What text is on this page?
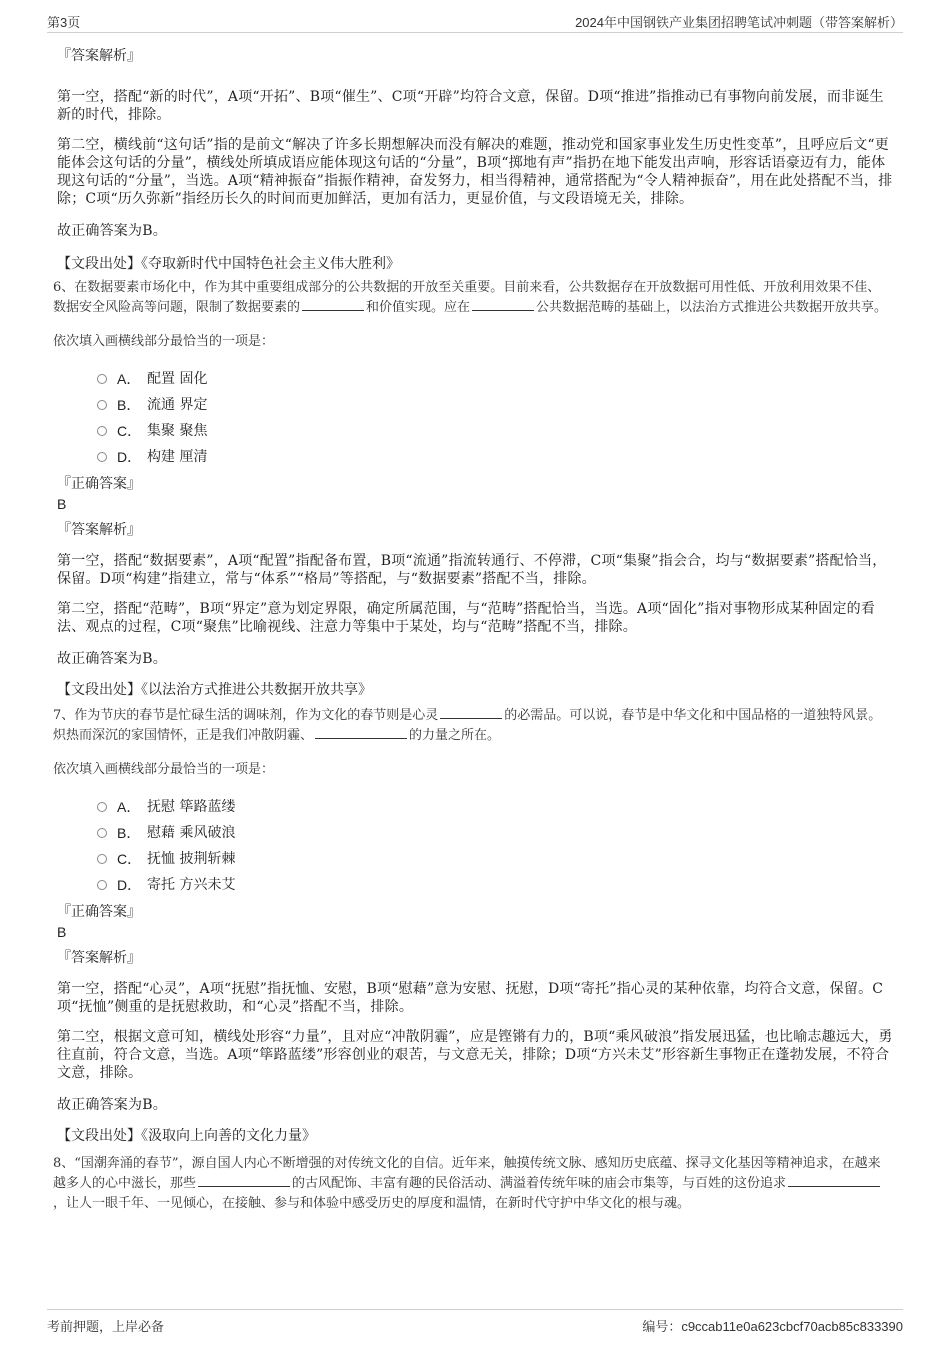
第3页	2024年中国钢铁产业集团招聘笔试冲刺题（带答案解析）
『答案解析』
第一空，搭配“新的时代”，A项“开拓”、B项“催生”、C项“开辟”均符合文意，保留。D项“推进”指推动已有事物向前发展，而非诞生新的时代，排除。
第二空，横线前“这句话”指的是前文“解决了许多长期想解决而没有解决的难题，推动党和国家事业发生历史性变革”，且呼应后文“更能体会这句话的分量”，横线处所填成语应能体现这句话的“分量”，B项“掷地有声”指扔在地下能发出声响，形容话语豪迈有力，能体现这句话的“分量”，当选。A项“精神振奋”指振作精神，奋发努力，相当得精神，通常搭配为“令人精神振奋”，用在此处搭配不当，排除；C项“历久弥新”指经历长久的时间而更加鲜活，更加有活力，更显价值，与文段语境无关，排除。
故正确答案为B。
【文段出处】《夺取新时代中国特色社会主义伟大胜利》
6、在数据要素市场化中，作为其中重要组成部分的公共数据的开放至关重要。目前来看，公共数据存在开放数据可用性低、开放利用效果不佳、数据安全风险高等问题，限制了数据要素的	和价值实现。应在	公共数据范畴的基础上，以法治方式推进公共数据开放共享。
依次填入画横线部分最恰当的一项是：
A． 配置 固化
B． 流通 界定
C． 集聚 聚焦
D． 构建 厘清
『正确答案』
B
『答案解析』
第一空，搭配“数据要素”，A项“配置”指配备布置，B项“流通”指流转通行、不停滞，C项“集聚”指会合，均与“数据要素”搭配恰当，保留。D项“构建”指建立，常与“体系”“格局”等搭配，与“数据要素”搭配不当，排除。
第二空，搭配“范畴”，B项“界定”意为划定界限，确定所属范围，与“范畴”搭配恰当，当选。A项“固化”指对事物形成某种固定的看法、观点的过程，C项“聚焦”比喻视线、注意力等集中于某处，均与“范畴”搭配不当，排除。
故正确答案为B。
【文段出处】《以法治方式推进公共数据开放共享》
7、作为节庆的春节是忙碌生活的调味剂，作为文化的春节则是心灵	的必需品。可以说，春节是中华文化和中国品格的一道独特风景。炽热而深沉的家国情怀，正是我们冲散阴霾、	的力量之所在。
依次填入画横线部分最恰当的一项是：
A． 抚慰 筚路蓝缕
B． 慰藉 乘风破浪
C． 抚恤 披荆斩棘
D． 寄托 方兴未艾
『正确答案』
B
『答案解析』
第一空，搭配“心灵”，A项“抚慰”指抚恤、安慰，B项“慰藉”意为安慰、抚慰，D项“寄托”指心灵的某种依靠，均符合文意，保留。C项“抚恤”侧重的是抚慰救助，和“心灵”搭配不当，排除。
第二空，根据文意可知，横线处形容“力量”，且对应“冲散阴霾”，应是铿锵有力的，B项“乘风破浪”指发展迅猛，也比喻志趣远大，勇往直前，符合文意，当选。A项“筚路蓝缕”形容创业的艰苦，与文意无关，排除；D项“方兴未艾”形容新生事物正在蓬勃发展，不符合文意，排除。
故正确答案为B。
【文段出处】《汲取向上向善的文化力量》
8、“国潮奔涌的春节”，源自国人内心不断增强的对传统文化的自信。近年来，触摸传统文脉、感知历史底蕴、探寻文化基因等精神追求，在越来越多人的心中滋长，那些	的古风配饰、丰富有趣的民俗活动、满溢着传统年味的庙会市集等，与百姓的这份追求，让人一眼千年、一见倾心，在接触、参与和体验中感受历史的厚度和温情，在新时代守护中华文化的根与魂。
考前押题，上岸必备	编号：c9ccab11e0a623cbcf70acb85c833390
